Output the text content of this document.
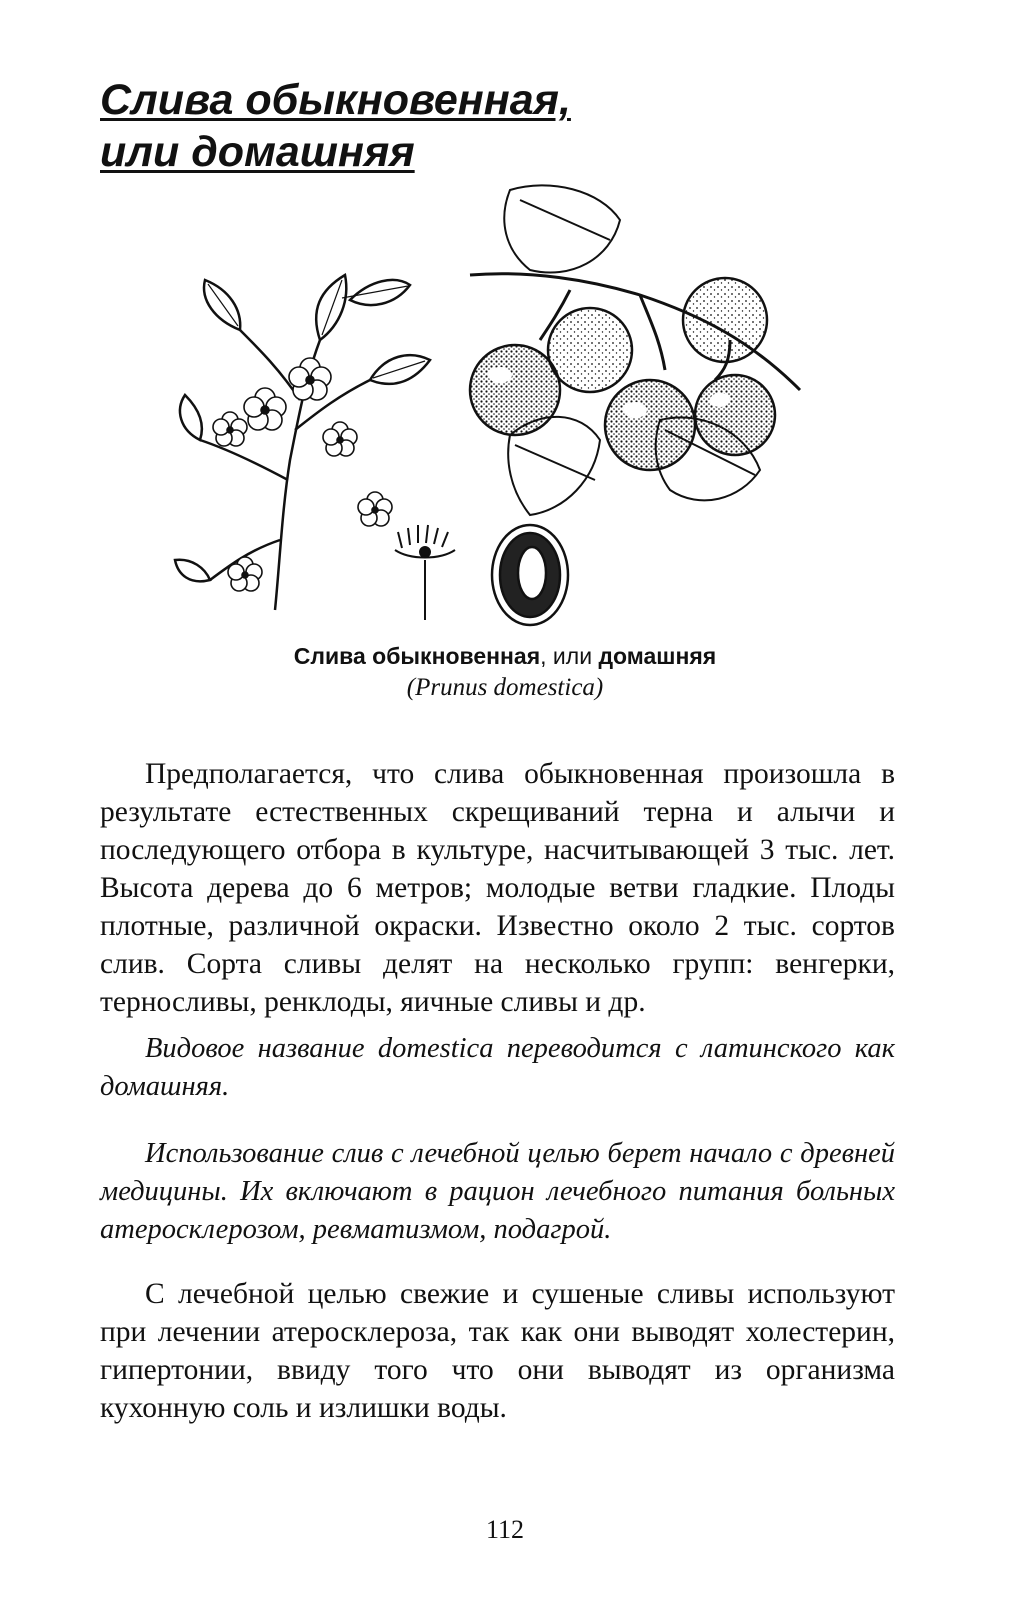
Слива обыкновенная,
или домашняя
Слива обыкновенная, или домашняя
(Prunus domestica)

Предполагается, что слива обыкновенная произошла в результате естественных скрещиваний терна и алычи и последующего отбора в культуре, насчитывающей 3 тыс. лет. Высота дерева до 6 метров; молодые ветви гладкие. Плоды плотные, различной окраски. Известно около 2 тыс. сортов слив. Сорта сливы делят на несколько групп: венгерки, терносливы, ренклоды, яичные сливы и др.

Видовое название domestica переводится с латинского как домашняя.

Использование слив с лечебной целью берет начало с древней медицины. Их включают в рацион лечебного питания больных атеросклерозом, ревматизмом, подагрой.

С лечебной целью свежие и сушеные сливы используют при лечении атеросклероза, так как они выводят холестерин, гипертонии, ввиду того что они выводят из организма кухонную соль и излишки воды.

112
